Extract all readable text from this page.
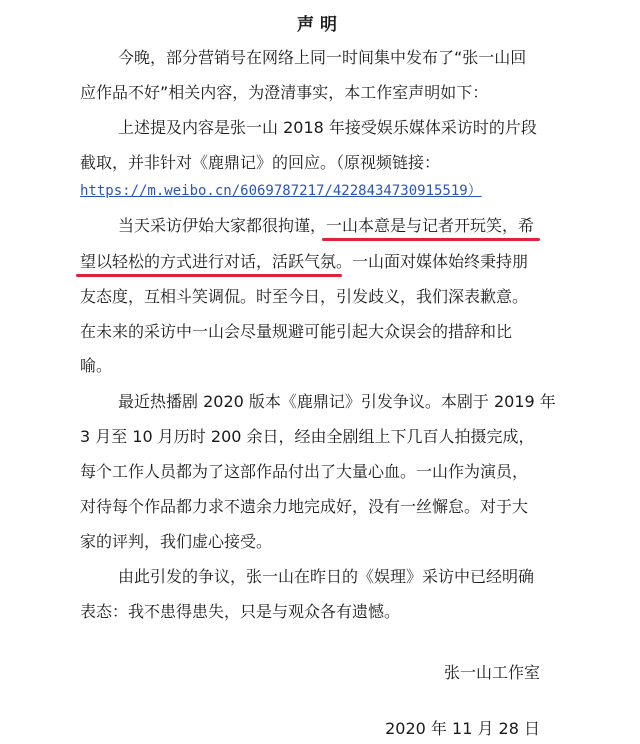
声明
今晚，部分营销号在网络上同一时间集中发布了“张一山回
应作品不好”相关内容，为澄清事实，本工作室声明如下：
上述提及内容是张一山 2018 年接受娱乐媒体采访时的片段
截取，并非针对《鹿鼎记》的回应。（原视频链接：
https://m.weibo.cn/6069787217/4228434730915519）
当天采访伊始大家都很拘谨，一山本意是与记者开玩笑，希
望以轻松的方式进行对话，活跃气氛。一山面对媒体始终秉持朋
友态度，互相斗笑调侃。时至今日，引发歧义，我们深表歉意。
在未来的采访中一山会尽量规避可能引起大众误会的措辞和比
喻。
最近热播剧 2020 版本《鹿鼎记》引发争议。本剧于 2019 年
3 月至 10 月历时 200 余日，经由全剧组上下几百人拍摄完成，
每个工作人员都为了这部作品付出了大量心血。一山作为演员，
对待每个作品都力求不遗余力地完成好，没有一丝懈怠。对于大
家的评判，我们虚心接受。
由此引发的争议，张一山在昨日的《娱理》采访中已经明确
表态：我不患得患失，只是与观众各有遗憾。
张一山工作室
2020 年 11 月 28 日
